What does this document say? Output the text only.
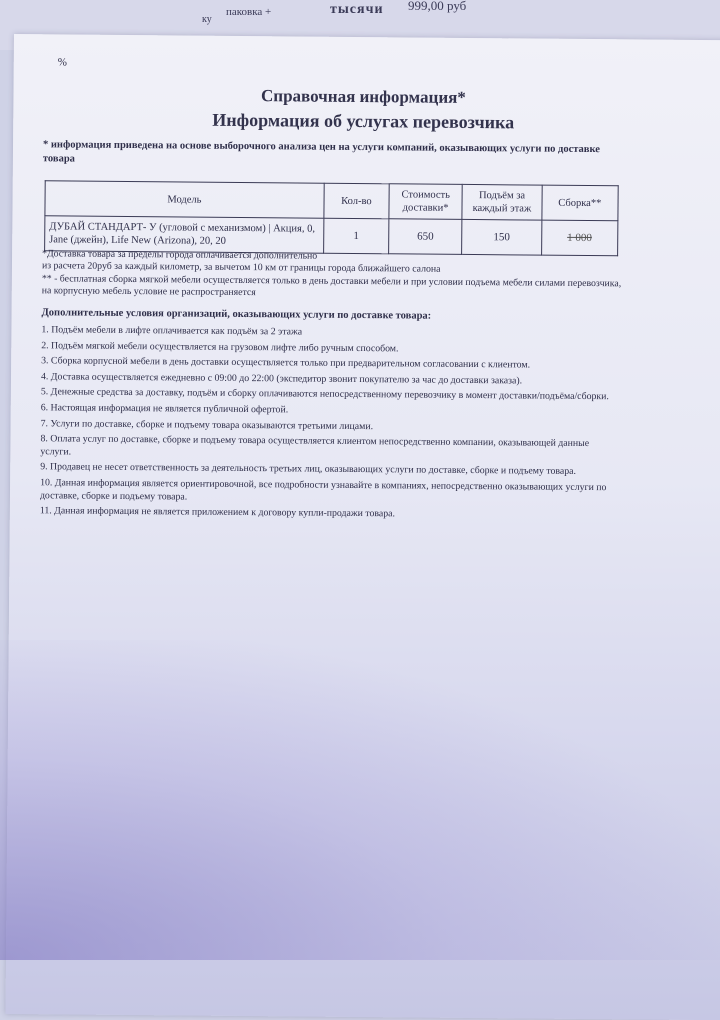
паковка +	тысячи 999,00 руб
ку
%
Справочная информация*
Информация об услугах перевозчика
* информация приведена на основе выборочного анализа цен на услуги компаний, оказывающих услуги по доставке товара
Модель	Кол-во	Стоимость доставки*	Подъём за каждый этаж	Сборка**
ДУБАЙ СТАНДАРТ- У (угловой с механизмом) | Акция, 0, Jane (джейн), Life New (Arizona), 20, 20	1	650	150	1 000
*Доставка товара за пределы города оплачивается дополнительно
из расчета 20руб за каждый километр, за вычетом 10 км от границы города ближайшего салона
** - бесплатная сборка мягкой мебели осуществляется только в день доставки мебели и при условии подъема мебели силами перевозчика, на корпусную мебель условие не распространяется
Дополнительные условия организаций, оказывающих услуги по доставке товара:
1. Подъём мебели в лифте оплачивается как подъём за 2 этажа
2. Подъём мягкой мебели осуществляется на грузовом лифте либо ручным способом.
3. Сборка корпусной мебели в день доставки осуществляется только при предварительном согласовании с клиентом.
4. Доставка осуществляется ежедневно с 09:00 до 22:00 (экспедитор звонит покупателю за час до доставки заказа).
5. Денежные средства за доставку, подъём и сборку оплачиваются непосредственному перевозчику в момент доставки/подъёма/сборки.
6. Настоящая информация не является публичной офертой.
7. Услуги по доставке, сборке и подъему товара оказываются третьими лицами.
8. Оплата услуг по доставке, сборке и подъему товара осуществляется клиентом непосредственно компании, оказывающей данные услуги.
9. Продавец не несет ответственность за деятельность третьих лиц, оказывающих услуги по доставке, сборке и подъему товара.
10. Данная информация является ориентировочной, все подробности узнавайте в компаниях, непосредственно оказывающих услуги по доставке, сборке и подъему товара.
11. Данная информация не является приложением к договору купли-продажи товара.
